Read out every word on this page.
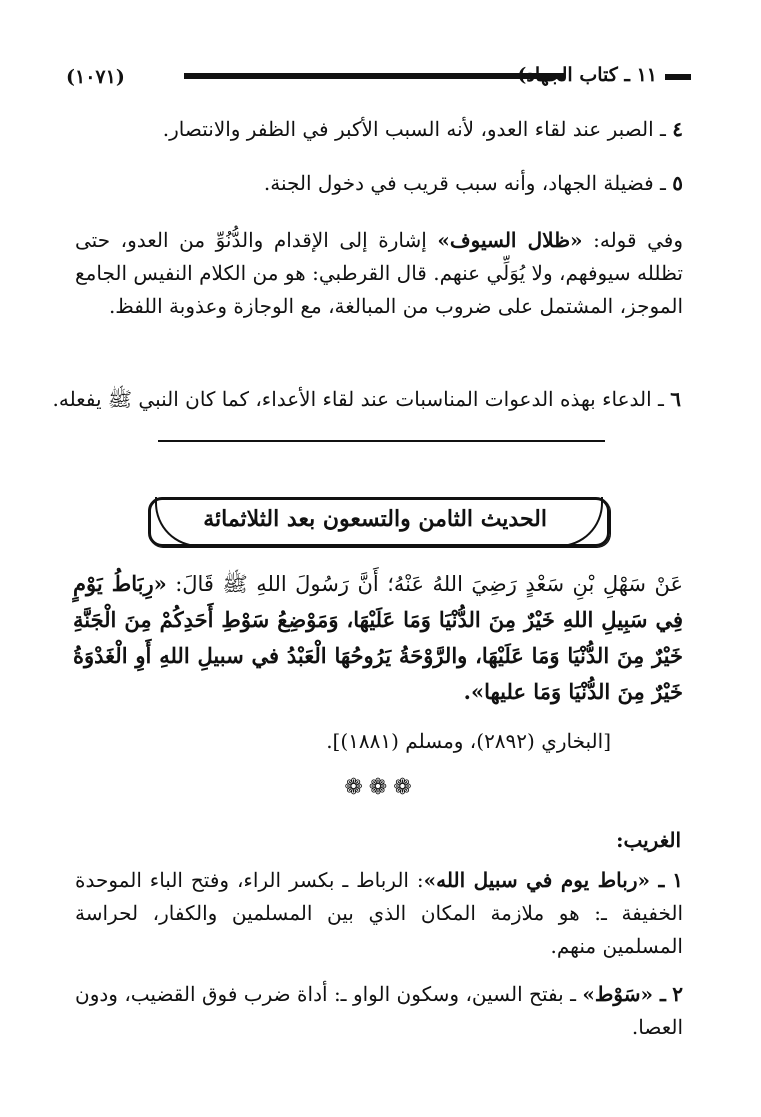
(١٠٧١)	١١ ـ كتاب الجهاد)
٤ ـ الصبر عند لقاء العدو، لأنه السبب الأكبر في الظفر والانتصار.
٥ ـ فضيلة الجهاد، وأنه سبب قريب في دخول الجنة.
وفي قوله: «ظلال السيوف» إشارة إلى الإقدام والدُّنُوِّ من العدو، حتى تظلله سيوفهم، ولا يُوَلِّي عنهم. قال القرطبي: هو من الكلام النفيس الجامع الموجز، المشتمل على ضروب من المبالغة، مع الوجازة وعذوبة اللفظ.
٦ ـ الدعاء بهذه الدعوات المناسبات عند لقاء الأعداء، كما كان النبي ﷺ يفعله.
الحديث الثامن والتسعون بعد الثلاثمائة
عَنْ سَهْلِ بْنِ سَعْدٍ رَضِيَ اللهُ عَنْهُ؛ أَنَّ رَسُولَ اللهِ ﷺ قَالَ: «رِبَاطُ يَوْمٍ فِي سَبِيلِ اللهِ خَيْرٌ مِنَ الدُّنْيَا وَمَا عَلَيْهَا، وَمَوْضِعُ سَوْطِ أَحَدِكُمْ مِنَ الْجَنَّةِ خَيْرٌ مِنَ الدُّنْيَا وَمَا عَلَيْهَا، والرَّوْحَةُ يَرُوحُهَا الْعَبْدُ في سبيلِ اللهِ أَوِ الْغَدْوَةُ خَيْرٌ مِنَ الدُّنْيَا وَمَا عليها».
[البخاري (٢٨٩٢)، ومسلم (١٨٨١)].
❁❁❁
الغريب:
١ ـ «رباط يوم في سبيل الله»: الرباط ـ بكسر الراء، وفتح الباء الموحدة الخفيفة ـ: هو ملازمة المكان الذي بين المسلمين والكفار، لحراسة المسلمين منهم.
٢ ـ «سَوْط» ـ بفتح السين، وسكون الواو ـ: أداة ضرب فوق القضيب، ودون العصا.
